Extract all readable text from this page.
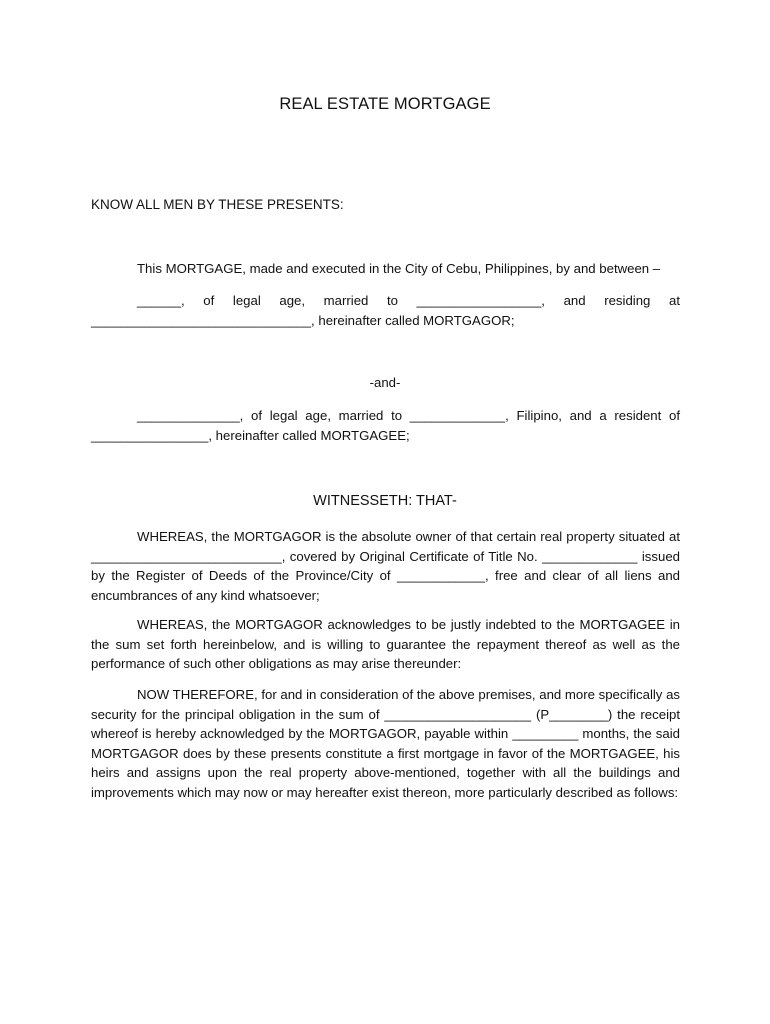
REAL ESTATE MORTGAGE
KNOW ALL MEN BY THESE PRESENTS:
This MORTGAGE, made and executed in the City of Cebu, Philippines, by and between –
______, of legal age, married to _________________, and residing at ______________________________, hereinafter called MORTGAGOR;
-and-
______________, of legal age, married to _____________, Filipino, and a resident of ________________, hereinafter called MORTGAGEE;
WITNESSETH: THAT-
WHEREAS, the MORTGAGOR is the absolute owner of that certain real property situated at __________________________, covered by Original Certificate of Title No. _____________ issued by the Register of Deeds of the Province/City of ____________, free and clear of all liens and encumbrances of any kind whatsoever;
WHEREAS, the MORTGAGOR acknowledges to be justly indebted to the MORTGAGEE in the sum set forth hereinbelow, and is willing to guarantee the repayment thereof as well as the performance of such other obligations as may arise thereunder:
NOW THEREFORE, for and in consideration of the above premises, and more specifically as security for the principal obligation in the sum of ____________________ (P________) the receipt whereof is hereby acknowledged by the MORTGAGOR, payable within _________ months, the said MORTGAGOR does by these presents constitute a first mortgage in favor of the MORTGAGEE, his heirs and assigns upon the real property above-mentioned, together with all the buildings and improvements which may now or may hereafter exist thereon, more particularly described as follows:
